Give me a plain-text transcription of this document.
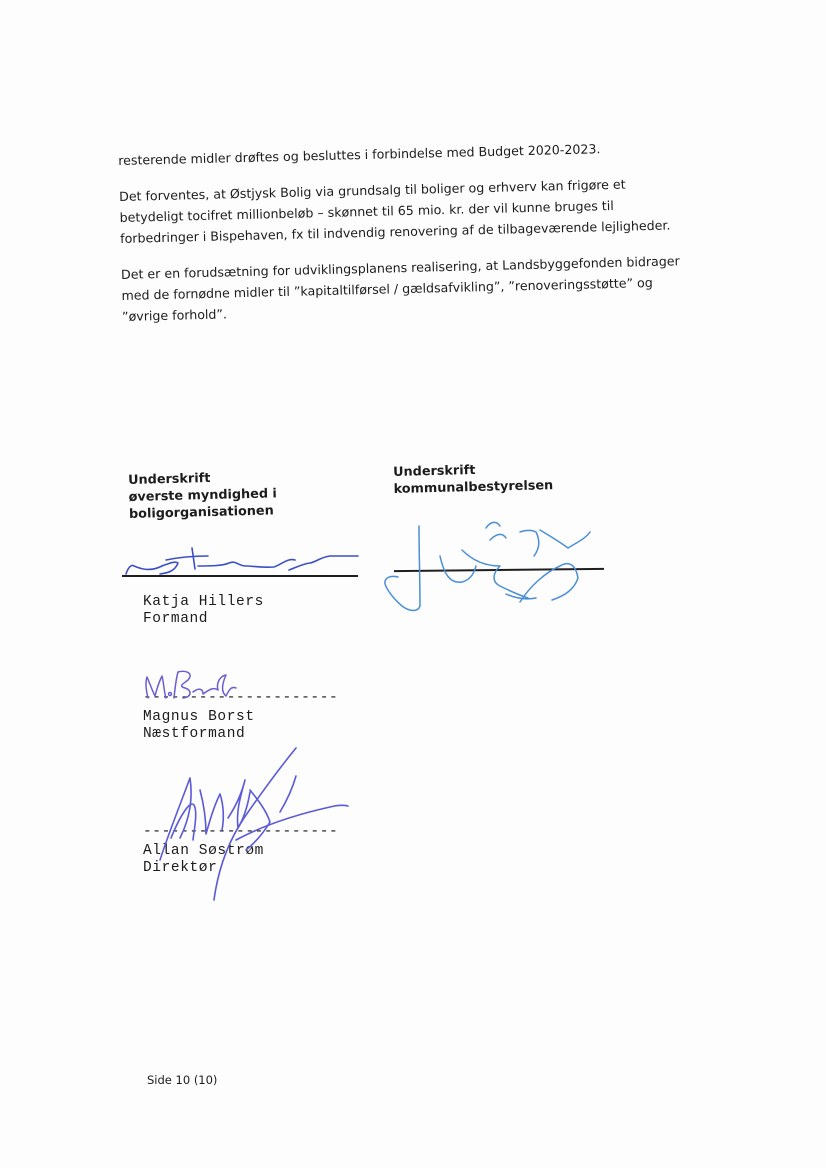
resterende midler drøftes og besluttes i forbindelse med Budget 2020-2023.

Det forventes, at Østjysk Bolig via grundsalg til boliger og erhverv kan frigøre et betydeligt tocifret millionbeløb – skønnet til 65 mio. kr. der vil kunne bruges til forbedringer i Bispehaven, fx til indvendig renovering af de tilbageværende lejligheder.

Det er en forudsætning for udviklingsplanens realisering, at Landsbyggefonden bidrager med de fornødne midler til ”kapitaltilførsel / gældsafvikling”, ”renoveringsstøtte” og ”øvrige forhold”.

Underskrift
øverste myndighed i
boligorganisationen
Underskrift
kommunalbestyrelsen
Katja Hillers
Formand
---------------------
Magnus Borst
Næstformand
---------------------
Allan Søstrøm
Direktør
Side 10 (10)
